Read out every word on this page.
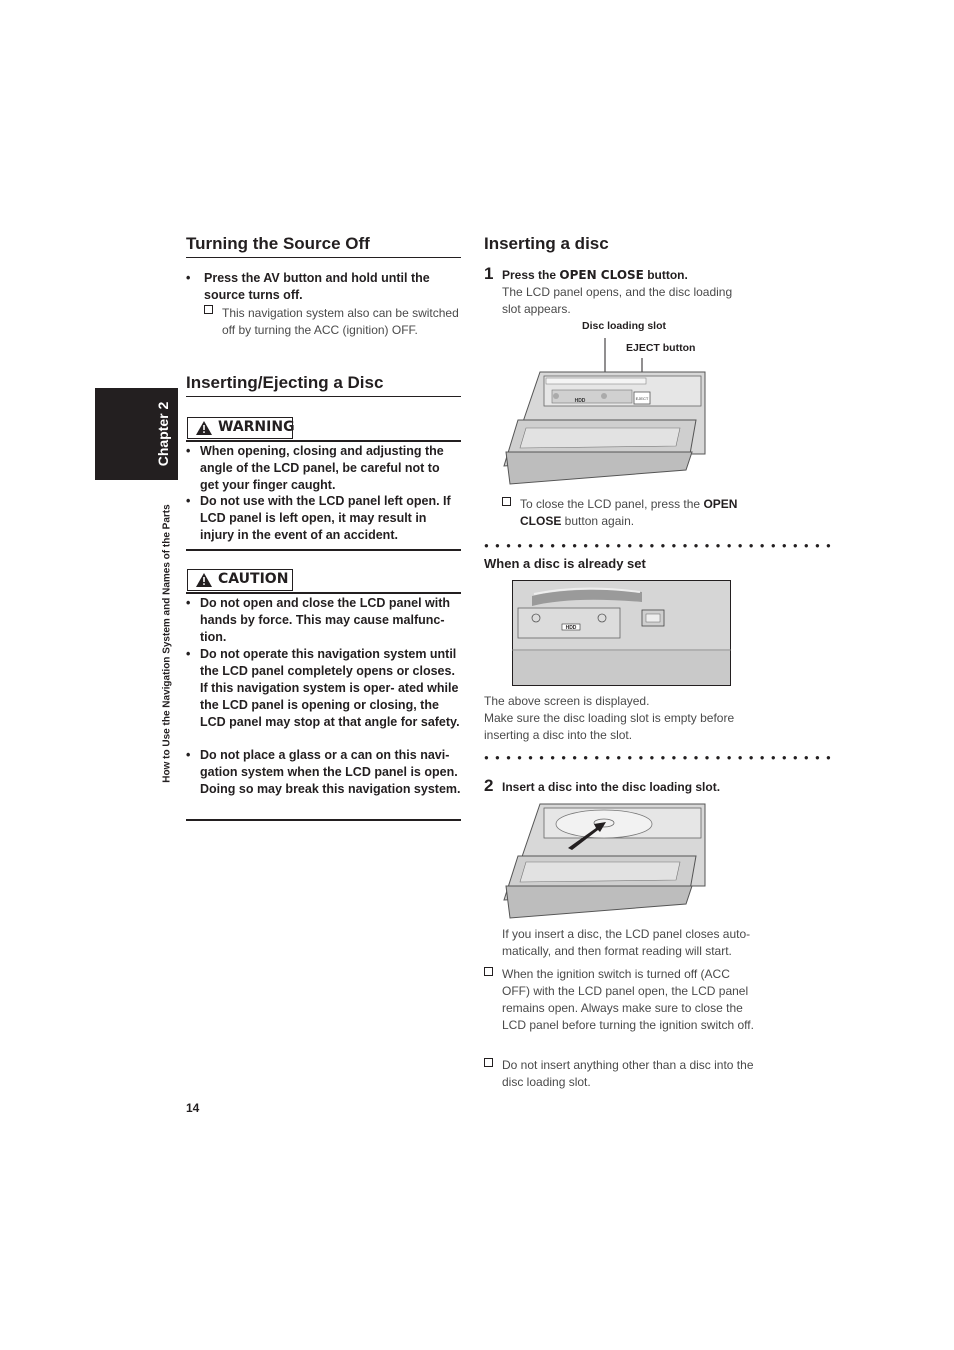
Chapter 2
How to Use the Navigation System and Names of the Parts
Turning the Source Off
•	Press the AV button and hold until the source turns off.
This navigation system also can be switched off by turning the ACC (ignition) OFF.
Inserting/Ejecting a Disc
WARNING
• When opening, closing and adjusting the angle of the LCD panel, be careful not to get your finger caught.
• Do not use with the LCD panel left open. If LCD panel is left open, it may result in injury in the event of an accident.
CAUTION
• Do not open and close the LCD panel with hands by force. This may cause malfunc- tion.
• Do not operate this navigation system until the LCD panel completely opens or closes. If this navigation system is oper- ated while the LCD panel is opening or closing, the LCD panel may stop at that angle for safety.
• Do not place a glass or a can on this navi- gation system when the LCD panel is open. Doing so may break this navigation system.
Inserting a disc
1 Press the OPEN CLOSE button.
The LCD panel opens, and the disc loading slot appears.
Disc loading slot
EJECT button
EJECT
HDD
To close the LCD panel, press the OPEN CLOSE button again.
●●●●●●●●●●●●●●●●●●●●●●●●●●●●●●●●
When a disc is already set
HDD
The above screen is displayed.
Make sure the disc loading slot is empty before inserting a disc into the slot.
●●●●●●●●●●●●●●●●●●●●●●●●●●●●●●●●
2 Insert a disc into the disc loading slot.
If you insert a disc, the LCD panel closes auto- matically, and then format reading will start.
When the ignition switch is turned off (ACC OFF) with the LCD panel open, the LCD panel remains open. Always make sure to close the LCD panel before turning the ignition switch off.
Do not insert anything other than a disc into the disc loading slot.
14
